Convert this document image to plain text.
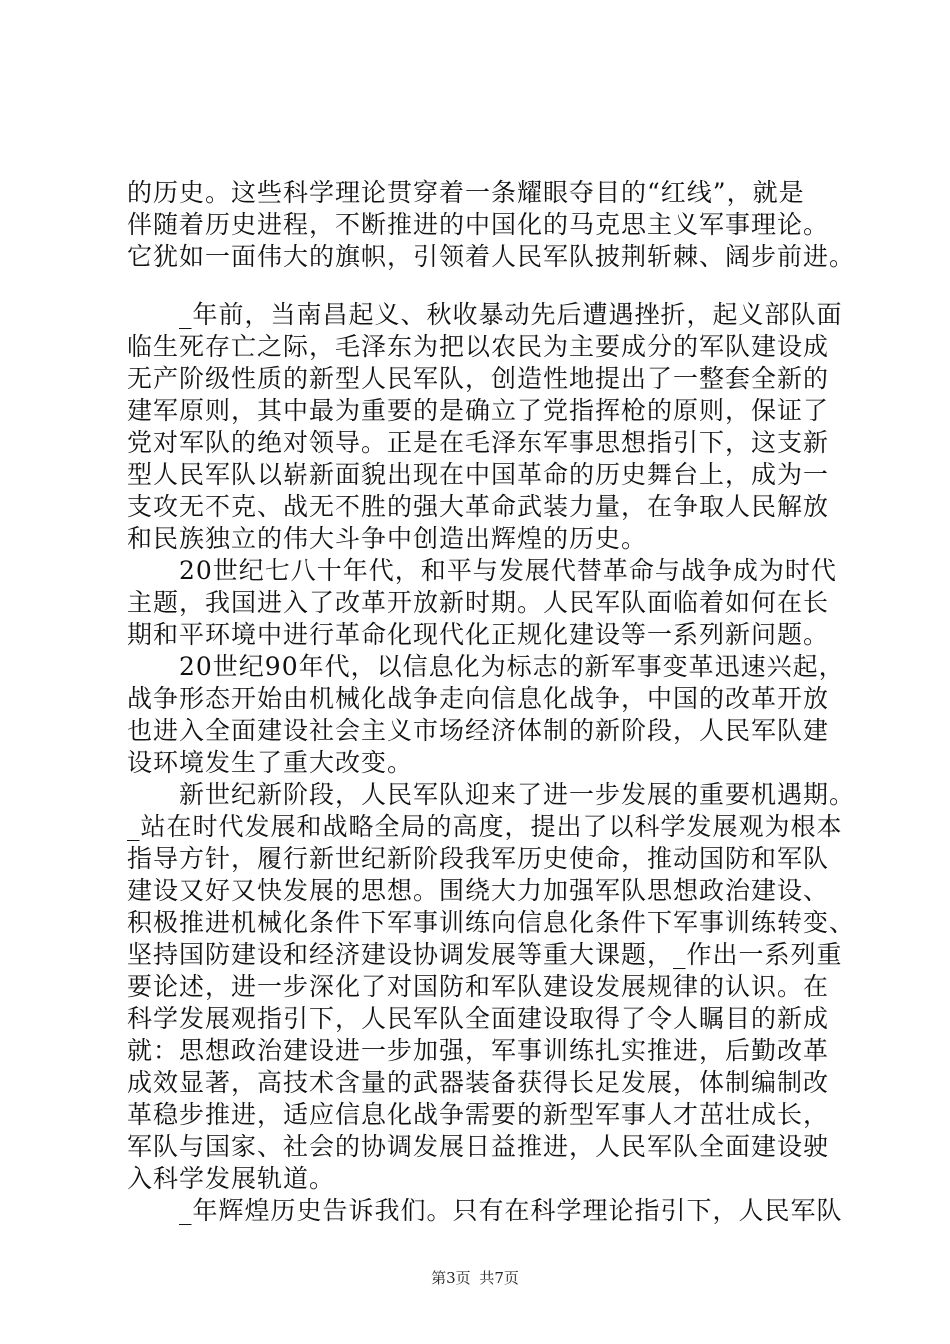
的历史。这些科学理论贯穿着一条耀眼夺目的“红线”，就是
伴随着历史进程，不断推进的中国化的马克思主义军事理论。
它犹如一面伟大的旗帜，引领着人民军队披荆斩棘、阔步前进。
　　_年前，当南昌起义、秋收暴动先后遭遇挫折，起义部队面
临生死存亡之际，毛泽东为把以农民为主要成分的军队建设成
无产阶级性质的新型人民军队，创造性地提出了一整套全新的
建军原则，其中最为重要的是确立了党指挥枪的原则，保证了
党对军队的绝对领导。正是在毛泽东军事思想指引下，这支新
型人民军队以崭新面貌出现在中国革命的历史舞台上，成为一
支攻无不克、战无不胜的强大革命武装力量，在争取人民解放
和民族独立的伟大斗争中创造出辉煌的历史。
　　20世纪七八十年代，和平与发展代替革命与战争成为时代
主题，我国进入了改革开放新时期。人民军队面临着如何在长
期和平环境中进行革命化现代化正规化建设等一系列新问题。
　　20世纪90年代，以信息化为标志的新军事变革迅速兴起，
战争形态开始由机械化战争走向信息化战争，中国的改革开放
也进入全面建设社会主义市场经济体制的新阶段，人民军队建
设环境发生了重大改变。
　　新世纪新阶段，人民军队迎来了进一步发展的重要机遇期。
_站在时代发展和战略全局的高度，提出了以科学发展观为根本
指导方针，履行新世纪新阶段我军历史使命，推动国防和军队
建设又好又快发展的思想。围绕大力加强军队思想政治建设、
积极推进机械化条件下军事训练向信息化条件下军事训练转变、
坚持国防建设和经济建设协调发展等重大课题，_作出一系列重
要论述，进一步深化了对国防和军队建设发展规律的认识。在
科学发展观指引下，人民军队全面建设取得了令人瞩目的新成
就：思想政治建设进一步加强，军事训练扎实推进，后勤改革
成效显著，高技术含量的武器装备获得长足发展，体制编制改
革稳步推进，适应信息化战争需要的新型军事人才茁壮成长，
军队与国家、社会的协调发展日益推进，人民军队全面建设驶
入科学发展轨道。
　　_年辉煌历史告诉我们。只有在科学理论指引下，人民军队
第3页 共7页
